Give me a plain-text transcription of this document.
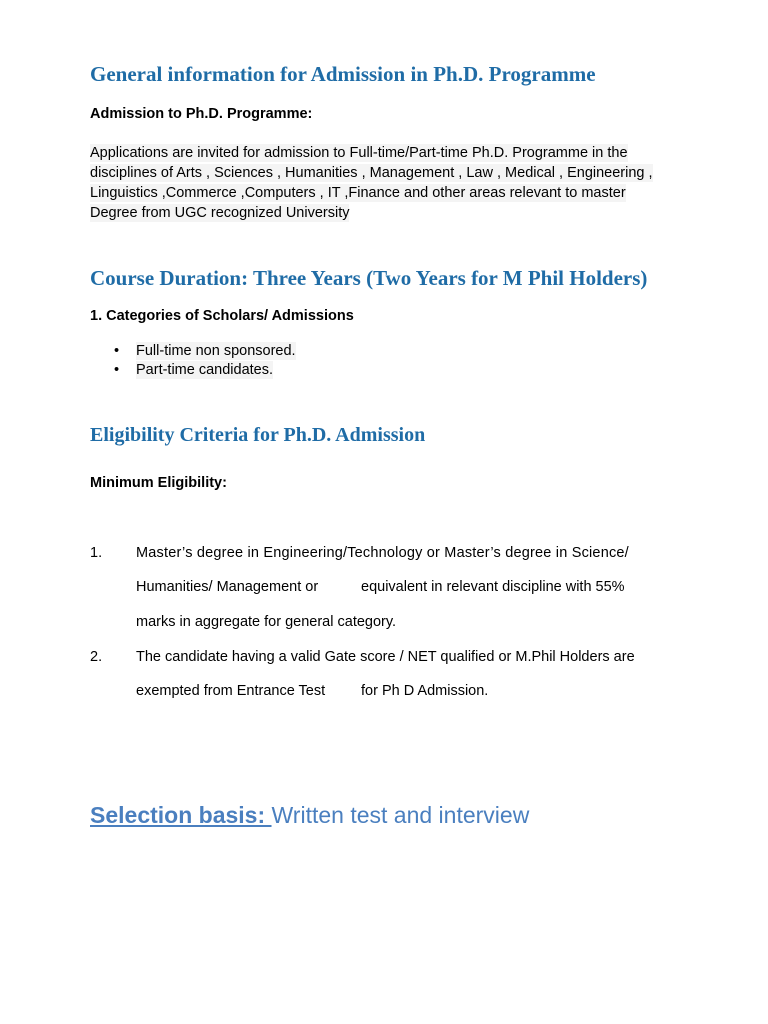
General information for Admission in Ph.D. Programme
Admission to Ph.D. Programme:
Applications are invited for admission to Full-time/Part-time Ph.D. Programme in the
disciplines of Arts , Sciences , Humanities , Management , Law , Medical , Engineering ,
Linguistics ,Commerce ,Computers , IT ,Finance and other areas relevant to master
Degree from UGC recognized University
Course Duration: Three Years (Two Years for M Phil Holders)
1. Categories of Scholars/ Admissions
• Full-time non sponsored.
• Part-time candidates.
Eligibility Criteria for Ph.D. Admission
Minimum Eligibility:
1. Master’s degree in Engineering/Technology or Master’s degree in Science/
Humanities/ Management or	equivalent in relevant discipline with 55%
marks in aggregate for general category.
2. The candidate having a valid Gate score / NET qualified or M.Phil Holders are
exempted from Entrance Test for Ph D Admission.
Selection basis: Written test and interview
